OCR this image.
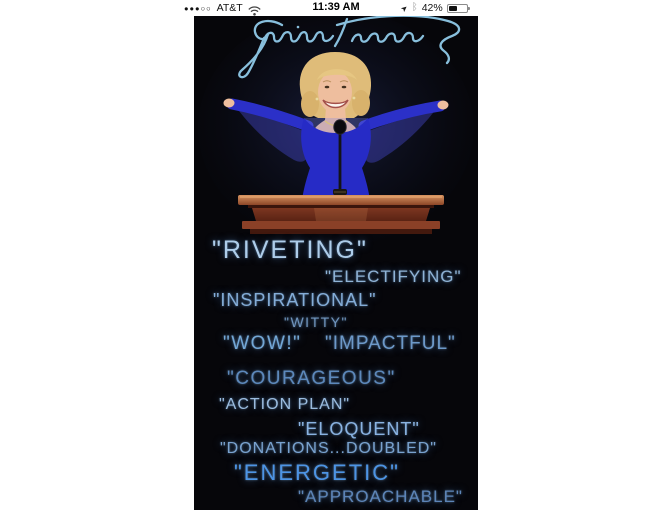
●●●○○ AT&T	11:39 AM	➤ ᛒ 42%
"RIVETING"
"ELECTIFYING"
"INSPIRATIONAL"
"WITTY"
"WOW!" "IMPACTFUL"
"COURAGEOUS"
"ACTION PLAN"
"ELOQUENT"
"DONATIONS...DOUBLED"
"ENERGETIC"
"APPROACHABLE"
